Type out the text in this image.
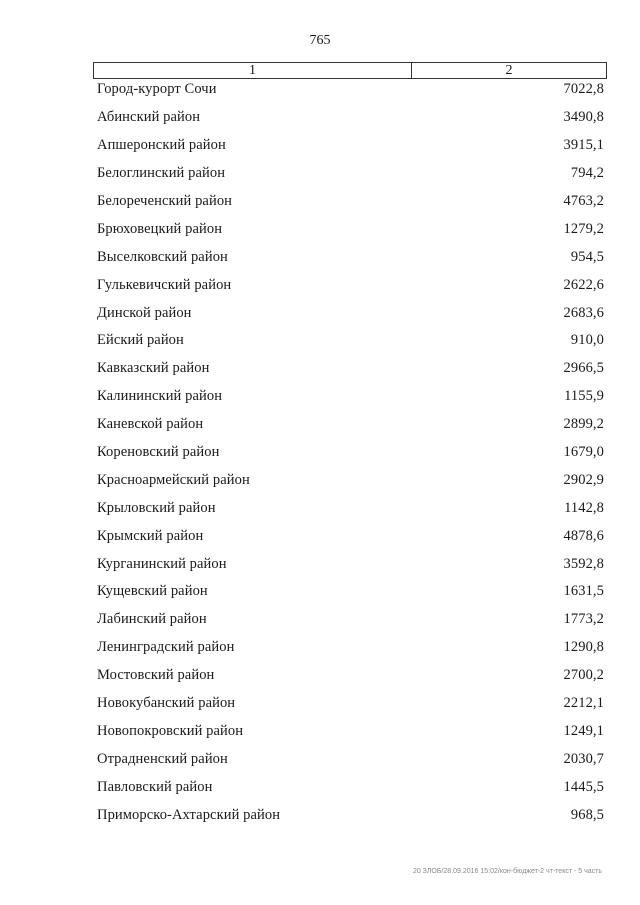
765
1	2
Город-курорт Сочи	7022,8
Абинский район	3490,8
Апшеронский район	3915,1
Белоглинский район	794,2
Белореченский район	4763,2
Брюховецкий район	1279,2
Выселковский район	954,5
Гулькевичский район	2622,6
Динской район	2683,6
Ейский район	910,0
Кавказский район	2966,5
Калининский район	1155,9
Каневской район	2899,2
Кореновский район	1679,0
Красноармейский район	2902,9
Крыловский район	1142,8
Крымский район	4878,6
Курганинский район	3592,8
Кущевский район	1631,5
Лабинский район	1773,2
Ленинградский район	1290,8
Мостовский район	2700,2
Новокубанский район	2212,1
Новопокровский район	1249,1
Отрадненский район	2030,7
Павловский район	1445,5
Приморско-Ахтарский район	968,5
20 ЗЛОБ/28.09.2016 15:02/кон-бюджет-2 чт-текст - 5 часть
